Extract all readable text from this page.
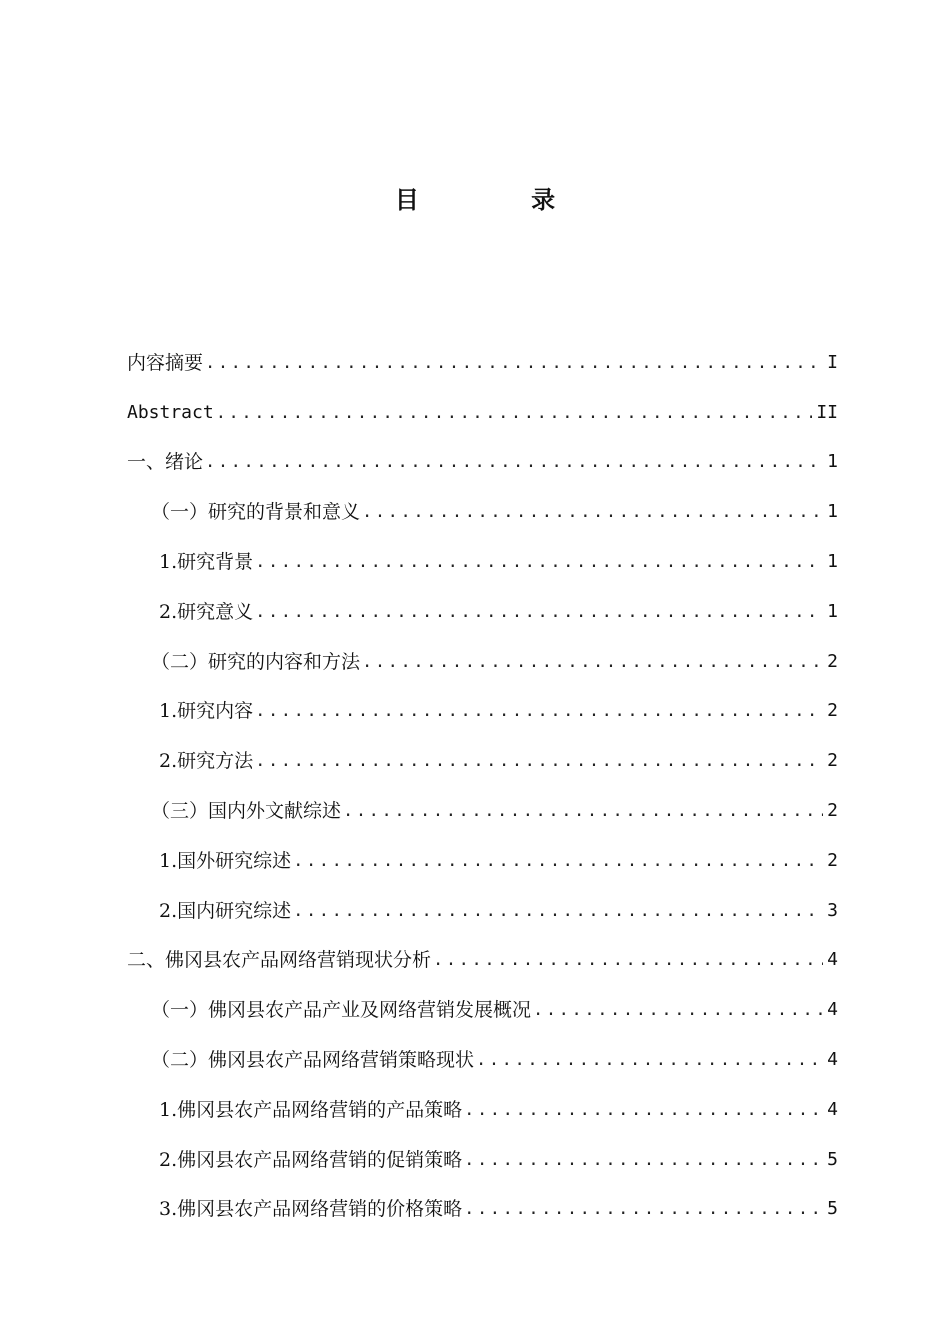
目 录
内容摘要 .....	I
Abstract .....	II
一、绪论 .....	1
（一）研究的背景和意义 .....	1
1.研究背景 .....	1
2.研究意义 .....	1
（二）研究的内容和方法 .....	2
1.研究内容 .....	2
2.研究方法 .....	2
（三）国内外文献综述 .....	2
1.国外研究综述 .....	2
2.国内研究综述 .....	3
二、佛冈县农产品网络营销现状分析 .....	4
（一）佛冈县农产品产业及网络营销发展概况 .....	4
（二）佛冈县农产品网络营销策略现状 .....	4
1.佛冈县农产品网络营销的产品策略 .....	4
2.佛冈县农产品网络营销的促销策略 .....	5
3.佛冈县农产品网络营销的价格策略 .....	5
